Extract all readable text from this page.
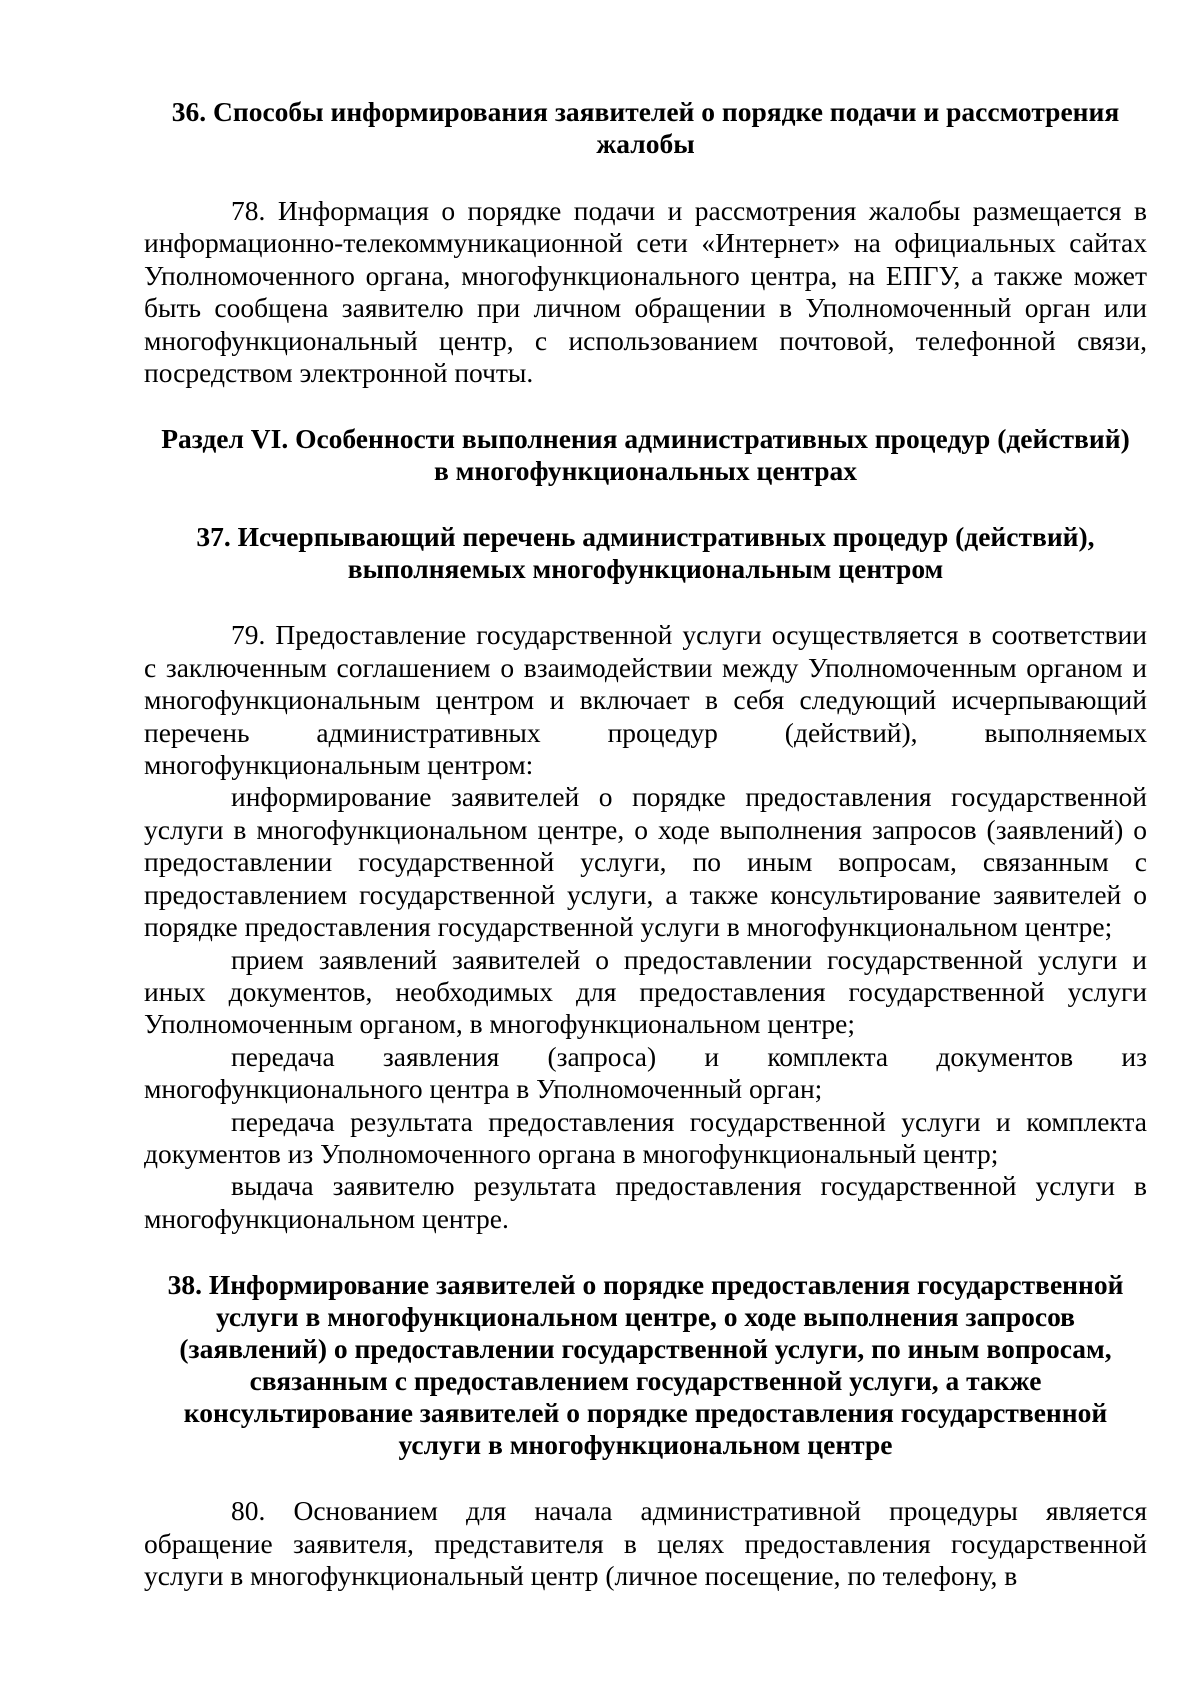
36. Способы информирования заявителей о порядке подачи и рассмотрения
жалобы

78. Информация о порядке подачи и рассмотрения жалобы размещается в информационно-телекоммуникационной сети «Интернет» на официальных сайтах Уполномоченного органа, многофункционального центра, на ЕПГУ, а также может быть сообщена заявителю при личном обращении в Уполномоченный орган или многофункциональный центр, с использованием почтовой, телефонной связи, посредством электронной почты.

Раздел VI. Особенности выполнения административных процедур (действий)
в многофункциональных центрах
37. Исчерпывающий перечень административных процедур (действий),
выполняемых многофункциональным центром

79. Предоставление государственной услуги осуществляется в соответствии с заключенным соглашением о взаимодействии между Уполномоченным органом и многофункциональным центром и включает в себя следующий исчерпывающий перечень административных процедур (действий), выполняемых многофункциональным центром:

информирование заявителей о порядке предоставления государственной услуги в многофункциональном центре, о ходе выполнения запросов (заявлений) о предоставлении государственной услуги, по иным вопросам, связанным с предоставлением государственной услуги, а также консультирование заявителей о порядке предоставления государственной услуги в многофункциональном центре;

прием заявлений заявителей о предоставлении государственной услуги и иных документов, необходимых для предоставления государственной услуги Уполномоченным органом, в многофункциональном центре;

передача заявления (запроса) и комплекта документов из многофункционального центра в Уполномоченный орган;

передача результата предоставления государственной услуги и комплекта документов из Уполномоченного органа в многофункциональный центр;

выдача заявителю результата предоставления государственной услуги в многофункциональном центре.

38. Информирование заявителей о порядке предоставления государственной
услуги в многофункциональном центре, о ходе выполнения запросов
(заявлений) о предоставлении государственной услуги, по иным вопросам,
связанным с предоставлением государственной услуги, а также
консультирование заявителей о порядке предоставления государственной
услуги в многофункциональном центре

80. Основанием для начала административной процедуры является обращение заявителя, представителя в целях предоставления государственной услуги в многофункциональный центр (личное посещение, по телефону, в
